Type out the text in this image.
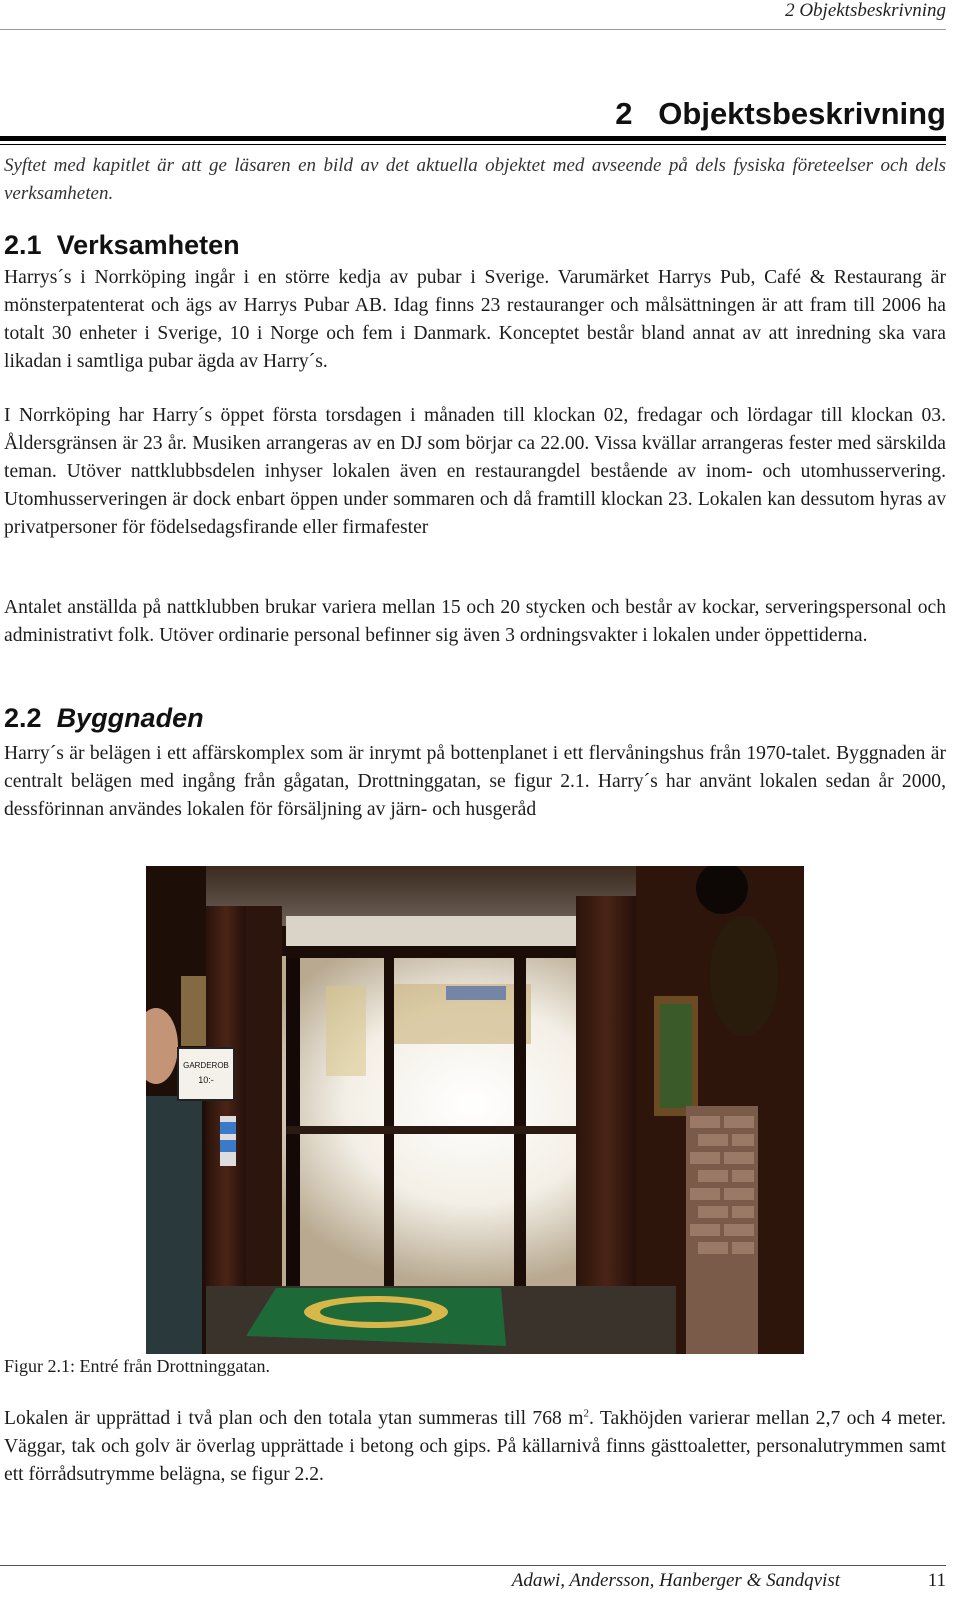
2 Objektsbeskrivning
2 Objektsbeskrivning
Syftet med kapitlet är att ge läsaren en bild av det aktuella objektet med avseende på dels fysiska företeelser och dels verksamheten.
2.1 Verksamheten
Harrys´s i Norrköping ingår i en större kedja av pubar i Sverige. Varumärket Harrys Pub, Café & Restaurang är mönsterpatenterat och ägs av Harrys Pubar AB. Idag finns 23 restauranger och målsättningen är att fram till 2006 ha totalt 30 enheter i Sverige, 10 i Norge och fem i Danmark. Konceptet består bland annat av att inredning ska vara likadan i samtliga pubar ägda av Harry´s.
I Norrköping har Harry´s öppet första torsdagen i månaden till klockan 02, fredagar och lördagar till klockan 03. Åldersgränsen är 23 år. Musiken arrangeras av en DJ som börjar ca 22.00. Vissa kvällar arrangeras fester med särskilda teman. Utöver nattklubbsdelen inhyser lokalen även en restaurangdel bestående av inom- och utomhusservering. Utomhusserveringen är dock enbart öppen under sommaren och då framtill klockan 23. Lokalen kan dessutom hyras av privatpersoner för födelsedagsfirande eller firmafester
Antalet anställda på nattklubben brukar variera mellan 15 och 20 stycken och består av kockar, serveringspersonal och administrativt folk. Utöver ordinarie personal befinner sig även 3 ordningsvakter i lokalen under öppettiderna.
2.2 Byggnaden
Harry´s är belägen i ett affärskomplex som är inrymt på bottenplanet i ett flervåningshus från 1970-talet. Byggnaden är centralt belägen med ingång från gågatan, Drottninggatan, se figur 2.1. Harry´s har använt lokalen sedan år 2000, dessförinnan användes lokalen för försäljning av järn- och husgeråd
GARDEROB
10:-
Figur 2.1: Entré från Drottninggatan.
Lokalen är upprättad i två plan och den totala ytan summeras till 768 $m^2$. Takhöjden varierar mellan 2,7 och 4 meter. Väggar, tak och golv är överlag upprättade i betong och gips. På källarnivå finns gästtoaletter, personalutrymmen samt ett förrådsutrymme belägna, se figur 2.2.
Adawi, Andersson, Hanberger & Sandqvist	11
